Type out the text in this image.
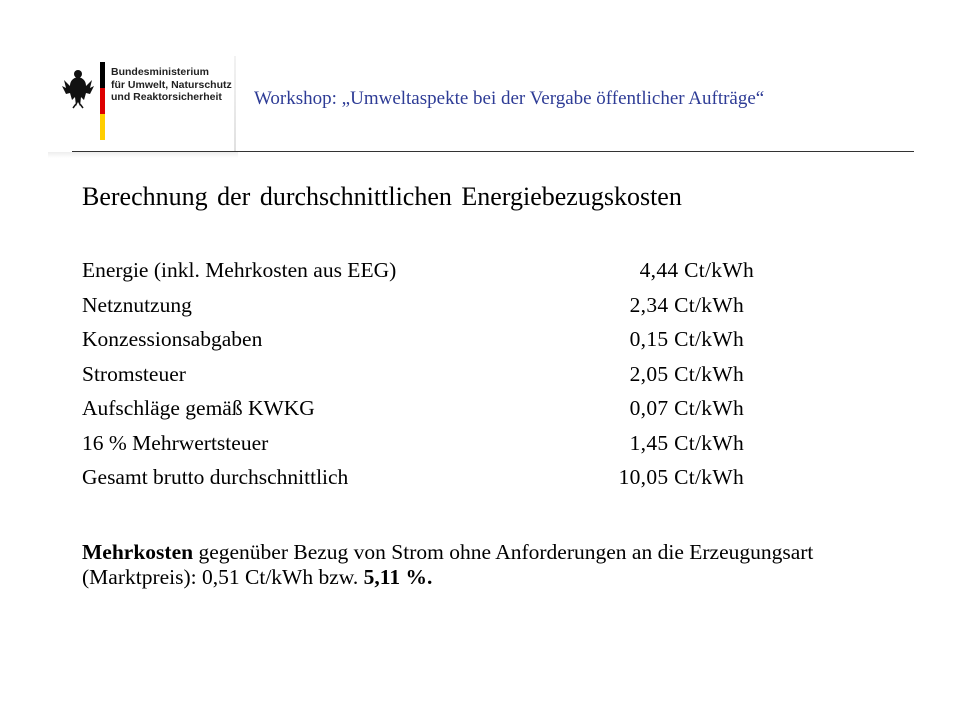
Bundesministerium
für Umwelt, Naturschutz
und Reaktorsicherheit	Workshop: „Umweltaspekte bei der Vergabe öffentlicher Aufträge“
Berechnung der durchschnittlichen Energiebezugskosten
Energie (inkl. Mehrkosten aus EEG)	4,44 Ct/kWh
Netznutzung	2,34 Ct/kWh
Konzessionsabgaben	0,15 Ct/kWh
Stromsteuer	2,05 Ct/kWh
Aufschläge gemäß KWKG	0,07 Ct/kWh
16 % Mehrwertsteuer	1,45 Ct/kWh
Gesamt brutto durchschnittlich	10,05 Ct/kWh
Mehrkosten gegenüber Bezug von Strom ohne Anforderungen an die Erzeugungsart (Marktpreis): 0,51 Ct/kWh bzw. 5,11 %.
